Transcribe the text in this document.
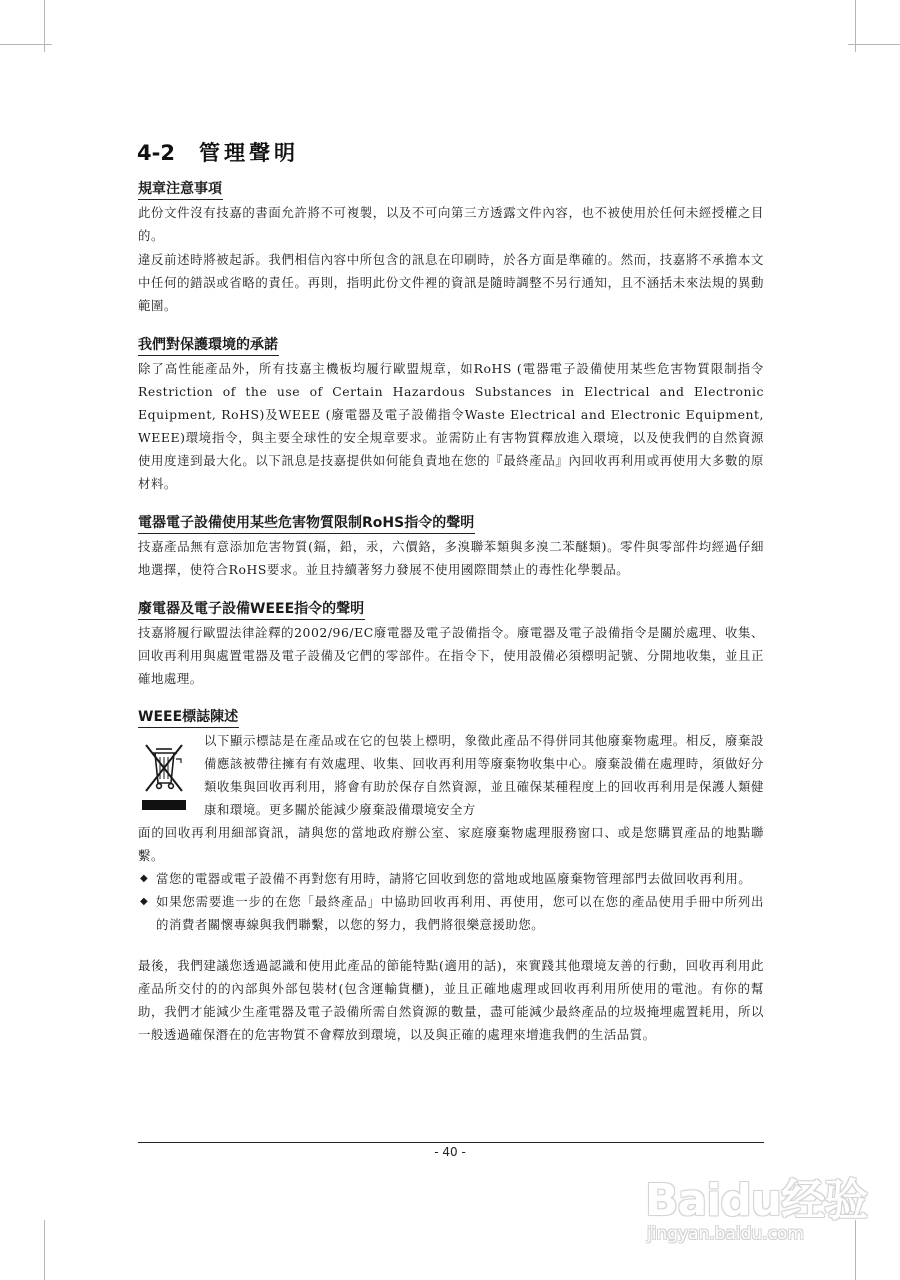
4-2 管理聲明
規章注意事項

此份文件沒有技嘉的書面允許將不可複製，以及不可向第三方透露文件內容，也不被使用於任何未經授權之目的。

違反前述時將被起訴。我們相信內容中所包含的訊息在印刷時，於各方面是準確的。然而，技嘉將不承擔本文中任何的錯誤或省略的責任。再則，指明此份文件裡的資訊是隨時調整不另行通知，且不涵括未來法規的異動範圍。

我們對保護環境的承諾

除了高性能產品外，所有技嘉主機板均履行歐盟規章，如RoHS (電器電子設備使用某些危害物質限制指令 Restriction of the use of Certain Hazardous Substances in Electrical and Electronic Equipment, RoHS)及WEEE (廢電器及電子設備指令Waste Electrical and Electronic Equipment, WEEE)環境指令，與主要全球性的安全規章要求。並需防止有害物質釋放進入環境，以及使我們的自然資源使用度達到最大化。以下訊息是技嘉提供如何能負責地在您的『最終產品』內回收再利用或再使用大多數的原材料。

電器電子設備使用某些危害物質限制RoHS指令的聲明

技嘉產品無有意添加危害物質(鎘，鉛，汞，六價鉻，多溴聯苯類與多溴二苯醚類)。零件與零部件均經過仔細地選擇，使符合RoHS要求。並且持續著努力發展不使用國際間禁止的毒性化學製品。

廢電器及電子設備WEEE指令的聲明

技嘉將履行歐盟法律詮釋的2002/96/EC廢電器及電子設備指令。廢電器及電子設備指令是關於處理、收集、回收再利用與處置電器及電子設備及它們的零部件。在指令下，使用設備必須標明記號、分開地收集，並且正確地處理。

WEEE標誌陳述

以下顯示標誌是在產品或在它的包裝上標明，象徵此產品不得併同其他廢棄物處理。相反，廢棄設備應該被帶往擁有有效處理、收集、回收再利用等廢棄物收集中心。廢棄設備在處理時，須做好分類收集與回收再利用，將會有助於保存自然資源，並且確保某種程度上的回收再利用是保護人類健康和環境。更多關於能減少廢棄設備環境安全方

面的回收再利用細部資訊，請與您的當地政府辦公室、家庭廢棄物處理服務窗口、或是您購買產品的地點聯繫。

◆ 當您的電器或電子設備不再對您有用時，請將它回收到您的當地或地區廢棄物管理部門去做回收再利用。
◆ 如果您需要進一步的在您「最終產品」中協助回收再利用、再使用，您可以在您的產品使用手冊中所列出的消費者關懷專線與我們聯繫，以您的努力，我們將很樂意援助您。

最後，我們建議您透過認識和使用此產品的節能特點(適用的話)，來實踐其他環境友善的行動，回收再利用此產品所交付的的內部與外部包裝材(包含運輸貨櫃)，並且正確地處理或回收再利用所使用的電池。有你的幫助，我們才能減少生產電器及電子設備所需自然資源的數量，盡可能減少最終產品的垃圾掩埋處置耗用，所以一般透過確保潛在的危害物質不會釋放到環境，以及與正確的處理來增進我們的生活品質。

- 40 -
Baidu经验
jingyan.baidu.com
